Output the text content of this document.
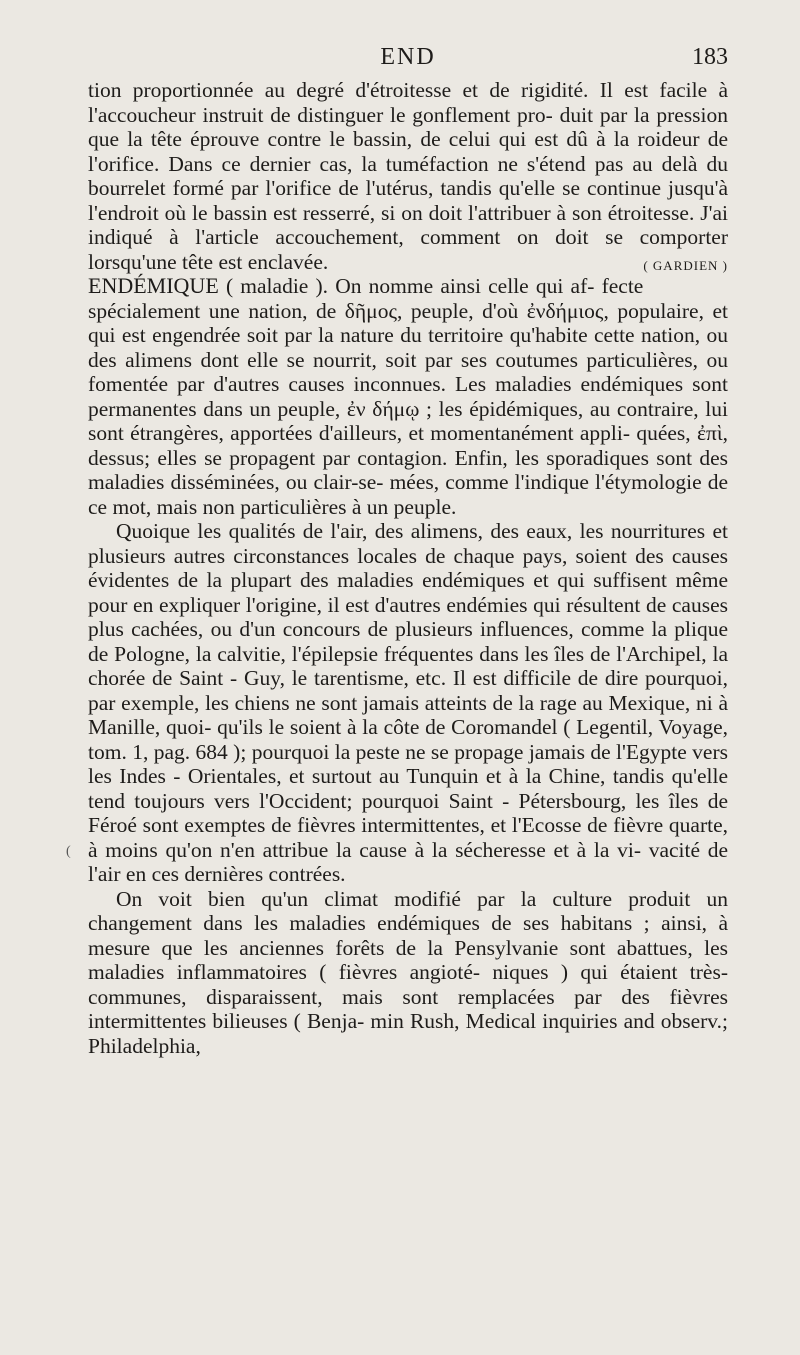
END	183

tion proportionnée au degré d'étroitesse et de rigidité. Il est facile à l'accoucheur instruit de distinguer le gonflement pro- duit par la pression que la tête éprouve contre le bassin, de celui qui est dû à la roideur de l'orifice. Dans ce dernier cas, la tuméfaction ne s'étend pas au delà du bourrelet formé par l'orifice de l'utérus, tandis qu'elle se continue jusqu'à l'endroit où le bassin est resserré, si on doit l'attribuer à son étroitesse. J'ai indiqué à l'article accouchement, comment on doit se comporter lorsqu'une tête est enclavée.	( GARDIEN )

ENDÉMIQUE ( maladie ). On nomme ainsi celle qui af- fecte spécialement une nation, de δῆμος, peuple, d'où ἐνδήμιος, populaire, et qui est engendrée soit par la nature du territoire qu'habite cette nation, ou des alimens dont elle se nourrit, soit par ses coutumes particulières, ou fomentée par d'autres causes inconnues. Les maladies endémiques sont permanentes dans un peuple, ἐν δήμῳ ; les épidémiques, au contraire, lui sont étrangères, apportées d'ailleurs, et momentanément appli- quées, ἐπὶ, dessus; elles se propagent par contagion. Enfin, les sporadiques sont des maladies disséminées, ou clair-se- mées, comme l'indique l'étymologie de ce mot, mais non particulières à un peuple.

Quoique les qualités de l'air, des alimens, des eaux, les nourritures et plusieurs autres circonstances locales de chaque pays, soient des causes évidentes de la plupart des maladies endémiques et qui suffisent même pour en expliquer l'origine, il est d'autres endémies qui résultent de causes plus cachées, ou d'un concours de plusieurs influences, comme la plique de Pologne, la calvitie, l'épilepsie fréquentes dans les îles de l'Archipel, la chorée de Saint - Guy, le tarentisme, etc. Il est difficile de dire pourquoi, par exemple, les chiens ne sont jamais atteints de la rage au Mexique, ni à Manille, quoi- qu'ils le soient à la côte de Coromandel ( Legentil, Voyage, tom. 1, pag. 684 ); pourquoi la peste ne se propage jamais de l'Egypte vers les Indes - Orientales, et surtout au Tunquin et à la Chine, tandis qu'elle tend toujours vers l'Occident; pourquoi Saint - Pétersbourg, les îles de Féroé sont exemptes de fièvres intermittentes, et l'Ecosse de fièvre quarte, à moins qu'on n'en attribue la cause à la sécheresse et à la vi- vacité de l'air en ces dernières contrées.

On voit bien qu'un climat modifié par la culture produit un changement dans les maladies endémiques de ses habitans ; ainsi, à mesure que les anciennes forêts de la Pensylvanie sont abattues, les maladies inflammatoires ( fièvres angioté- niques ) qui étaient très-communes, disparaissent, mais sont remplacées par des fièvres intermittentes bilieuses ( Benja- min Rush, Medical inquiries and observ.; Philadelphia,

(
